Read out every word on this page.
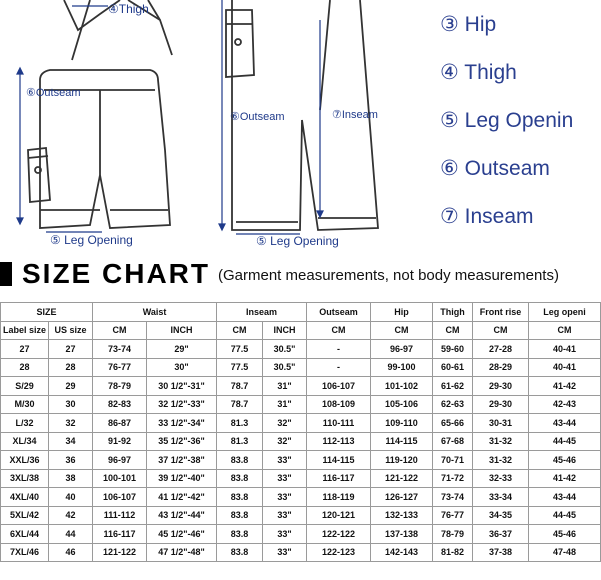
④Thigh
⑥Outseam
⑤ Leg Opening
⑥Outseam	⑦Inseam
⑤ Leg Opening
③ Hip
④ Thigh
⑤ Leg Openin
⑥ Outseam
⑦ Inseam
SIZE CHART (Garment measurements, not body measurements)
SIZE		Waist		Inseam		Outseam	Hip	Thigh	Front rise	Leg openi
Label size	US size	CM	INCH	CM	INCH	CM	CM	CM	CM	CM
27	27	73-74	29"	77.5	30.5"	-	96-97	59-60	27-28	40-41
28	28	76-77	30"	77.5	30.5"	-	99-100	60-61	28-29	40-41
S/29	29	78-79	30 1/2"-31"	78.7	31"	106-107	101-102	61-62	29-30	41-42
M/30	30	82-83	32 1/2"-33"	78.7	31"	108-109	105-106	62-63	29-30	42-43
L/32	32	86-87	33 1/2"-34"	81.3	32"	110-111	109-110	65-66	30-31	43-44
XL/34	34	91-92	35 1/2"-36"	81.3	32"	112-113	114-115	67-68	31-32	44-45
XXL/36	36	96-97	37 1/2"-38"	83.8	33"	114-115	119-120	70-71	31-32	45-46
3XL/38	38	100-101	39 1/2"-40"	83.8	33"	116-117	121-122	71-72	32-33	41-42
4XL/40	40	106-107	41 1/2"-42"	83.8	33"	118-119	126-127	73-74	33-34	43-44
5XL/42	42	111-112	43 1/2"-44"	83.8	33"	120-121	132-133	76-77	34-35	44-45
6XL/44	44	116-117	45 1/2"-46"	83.8	33"	122-122	137-138	78-79	36-37	45-46
7XL/46	46	121-122	47 1/2"-48"	83.8	33"	122-123	142-143	81-82	37-38	47-48
